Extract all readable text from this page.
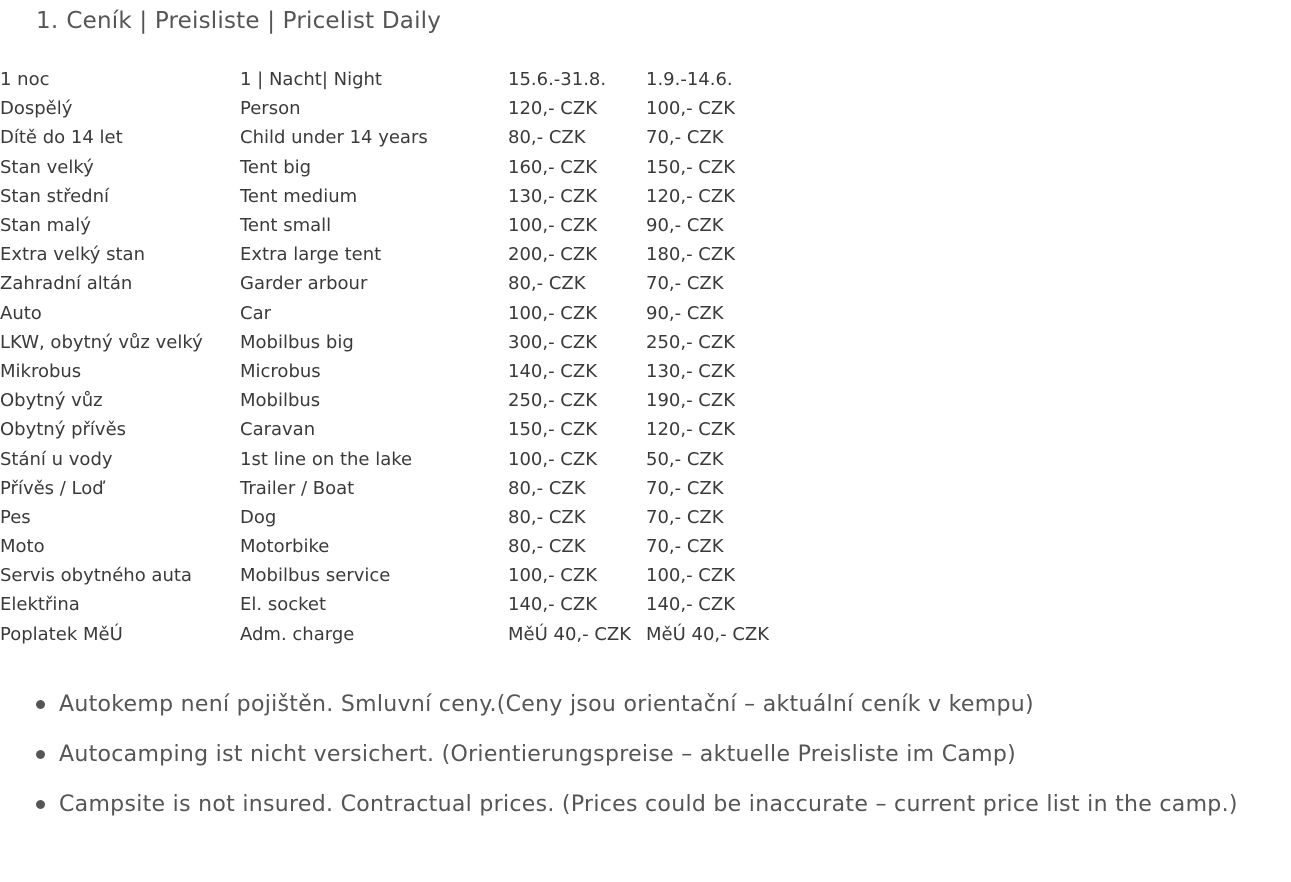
1. Ceník | Preisliste | Pricelist Daily
1 noc	1 | Nacht| Night	15.6.-31.8.	1.9.-14.6.
Dospělý	Person	120,- CZK	100,- CZK
Dítě do 14 let	Child under 14 years	80,- CZK	70,- CZK
Stan velký	Tent big	160,- CZK	150,- CZK
Stan střední	Tent medium	130,- CZK	120,- CZK
Stan malý	Tent small	100,- CZK	90,- CZK
Extra velký stan	Extra large tent	200,- CZK	180,- CZK
Zahradní altán	Garder arbour	80,- CZK	70,- CZK
Auto	Car	100,- CZK	90,- CZK
LKW, obytný vůz velký	Mobilbus big	300,- CZK	250,- CZK
Mikrobus	Microbus	140,- CZK	130,- CZK
Obytný vůz	Mobilbus	250,- CZK	190,- CZK
Obytný přívěs	Caravan	150,- CZK	120,- CZK
Stání u vody	1st line on the lake	100,- CZK	50,- CZK
Přívěs / Loď	Trailer / Boat	80,- CZK	70,- CZK
Pes	Dog	80,- CZK	70,- CZK
Moto	Motorbike	80,- CZK	70,- CZK
Servis obytného auta	Mobilbus service	100,- CZK	100,- CZK
Elektřina	El. socket	140,- CZK	140,- CZK
Poplatek MěÚ	Adm. charge	MěÚ 40,- CZK	MěÚ 40,- CZK
Autokemp není pojištěn. Smluvní ceny.(Ceny jsou orientační – aktuální ceník v kempu)
Autocamping ist nicht versichert. (Orientierungspreise – aktuelle Preisliste im Camp)
Campsite is not insured. Contractual prices. (Prices could be inaccurate – current price list in the camp.)
